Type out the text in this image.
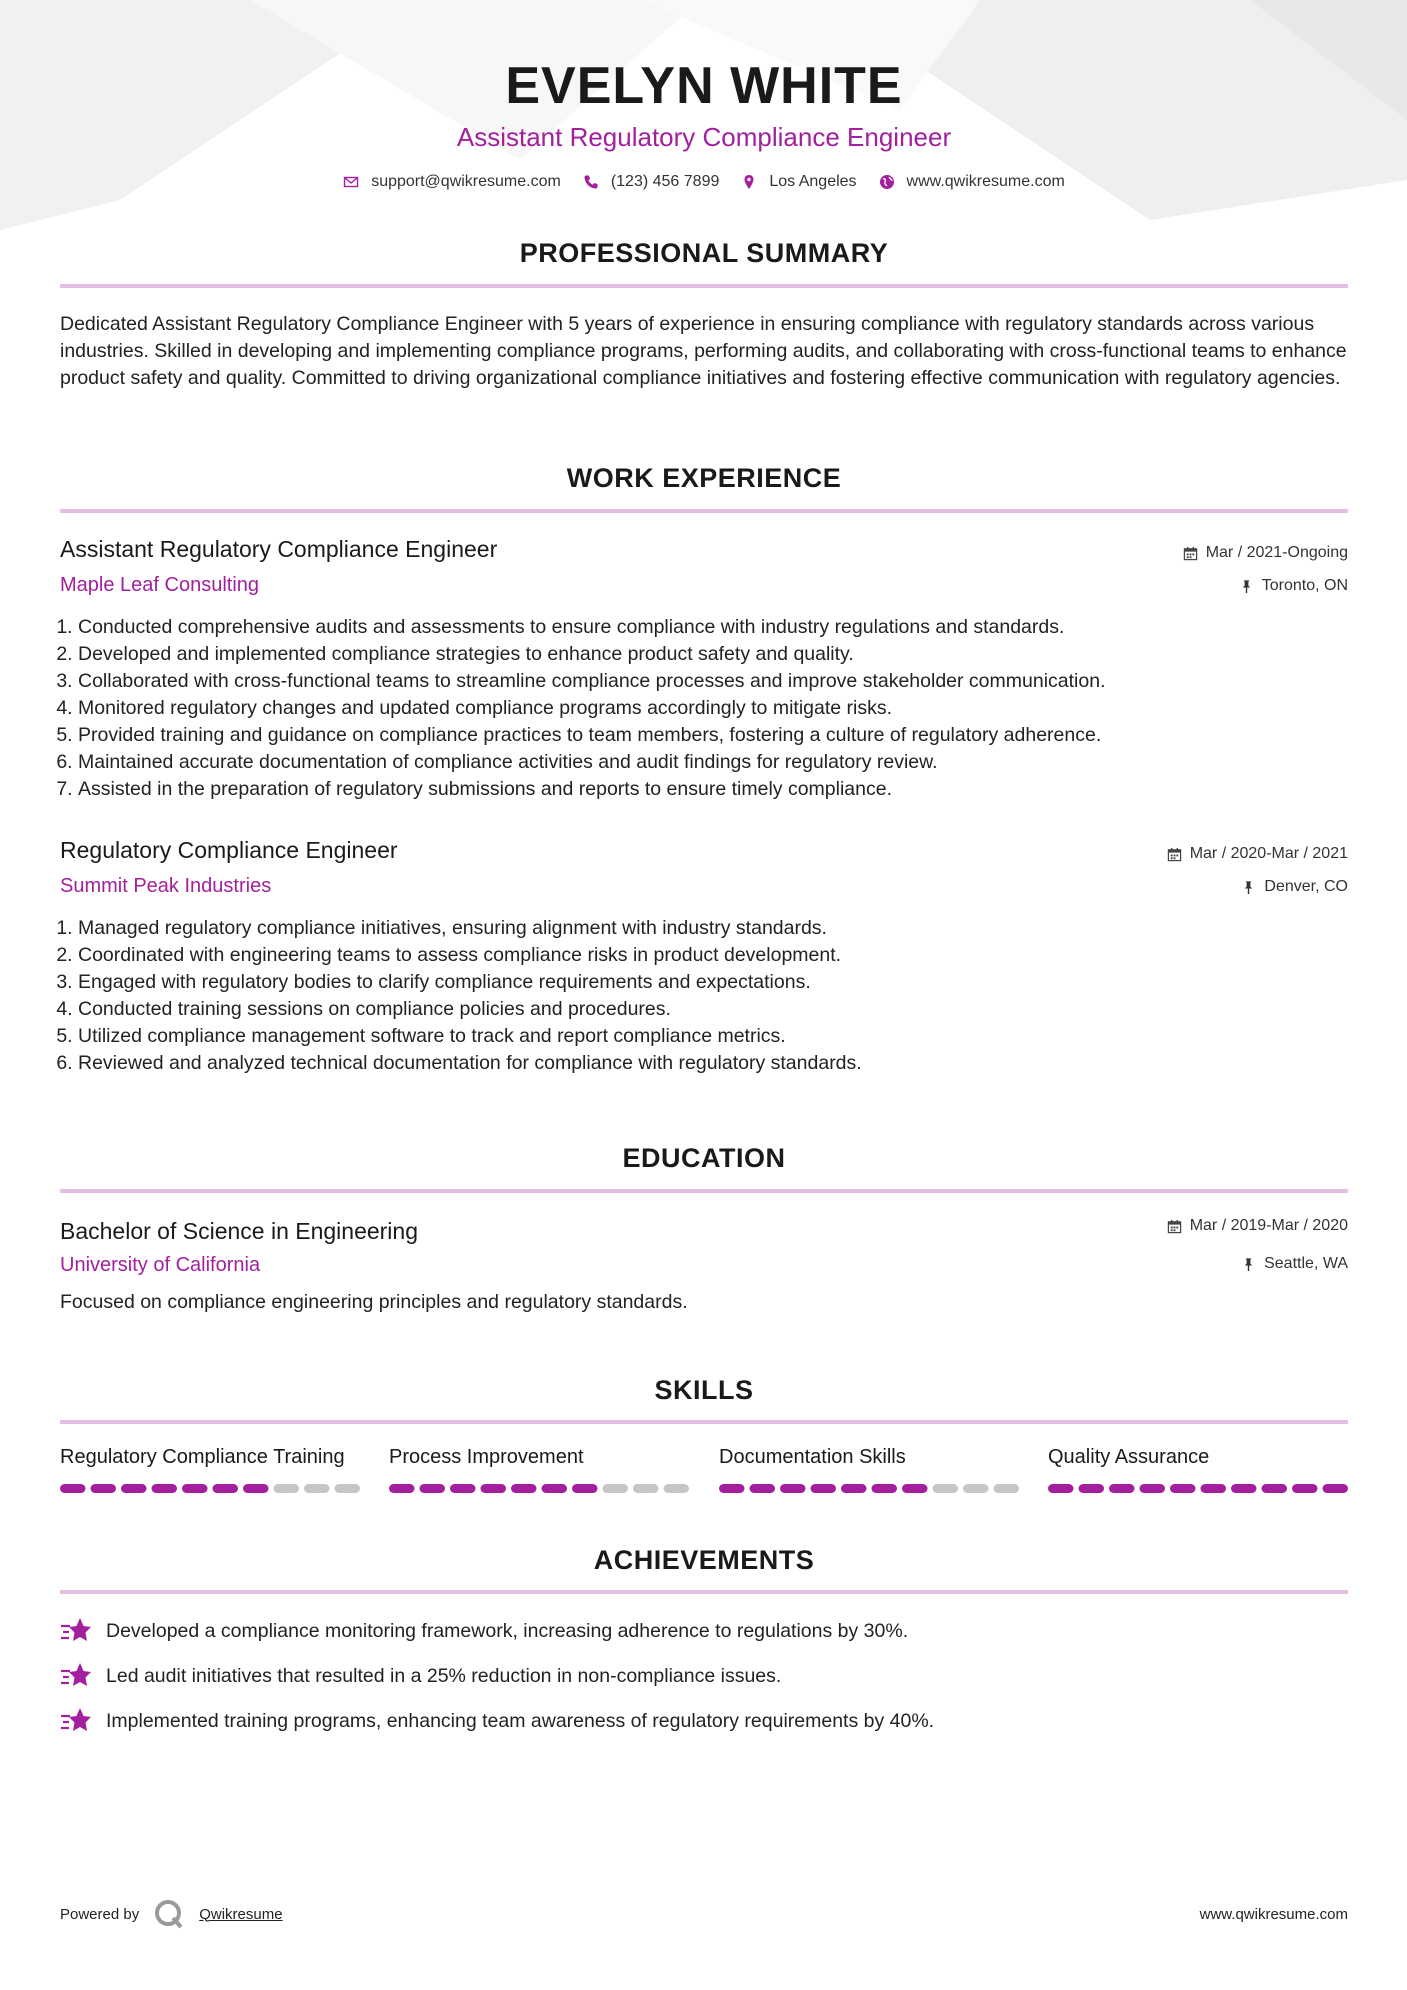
EVELYN WHITE
Assistant Regulatory Compliance Engineer
support@qwikresume.com	(123) 456 7899	Los Angeles	www.qwikresume.com
PROFESSIONAL SUMMARY
Dedicated Assistant Regulatory Compliance Engineer with 5 years of experience in ensuring compliance with regulatory standards across various industries. Skilled in developing and implementing compliance programs, performing audits, and collaborating with cross-functional teams to enhance product safety and quality. Committed to driving organizational compliance initiatives and fostering effective communication with regulatory agencies.
WORK EXPERIENCE
Assistant Regulatory Compliance Engineer
Maple Leaf Consulting
Mar / 2021-Ongoing
Toronto, ON
1. Conducted comprehensive audits and assessments to ensure compliance with industry regulations and standards.
2. Developed and implemented compliance strategies to enhance product safety and quality.
3. Collaborated with cross-functional teams to streamline compliance processes and improve stakeholder communication.
4. Monitored regulatory changes and updated compliance programs accordingly to mitigate risks.
5. Provided training and guidance on compliance practices to team members, fostering a culture of regulatory adherence.
6. Maintained accurate documentation of compliance activities and audit findings for regulatory review.
7. Assisted in the preparation of regulatory submissions and reports to ensure timely compliance.
Regulatory Compliance Engineer
Summit Peak Industries
Mar / 2020-Mar / 2021
Denver, CO
1. Managed regulatory compliance initiatives, ensuring alignment with industry standards.
2. Coordinated with engineering teams to assess compliance risks in product development.
3. Engaged with regulatory bodies to clarify compliance requirements and expectations.
4. Conducted training sessions on compliance policies and procedures.
5. Utilized compliance management software to track and report compliance metrics.
6. Reviewed and analyzed technical documentation for compliance with regulatory standards.
EDUCATION
Bachelor of Science in Engineering
University of California
Mar / 2019-Mar / 2020
Seattle, WA
Focused on compliance engineering principles and regulatory standards.
SKILLS
Regulatory Compliance Training	Process Improvement	Documentation Skills	Quality Assurance
ACHIEVEMENTS
Developed a compliance monitoring framework, increasing adherence to regulations by 30%.
Led audit initiatives that resulted in a 25% reduction in non-compliance issues.
Implemented training programs, enhancing team awareness of regulatory requirements by 40%.
Powered by	Qwikresume	www.qwikresume.com
